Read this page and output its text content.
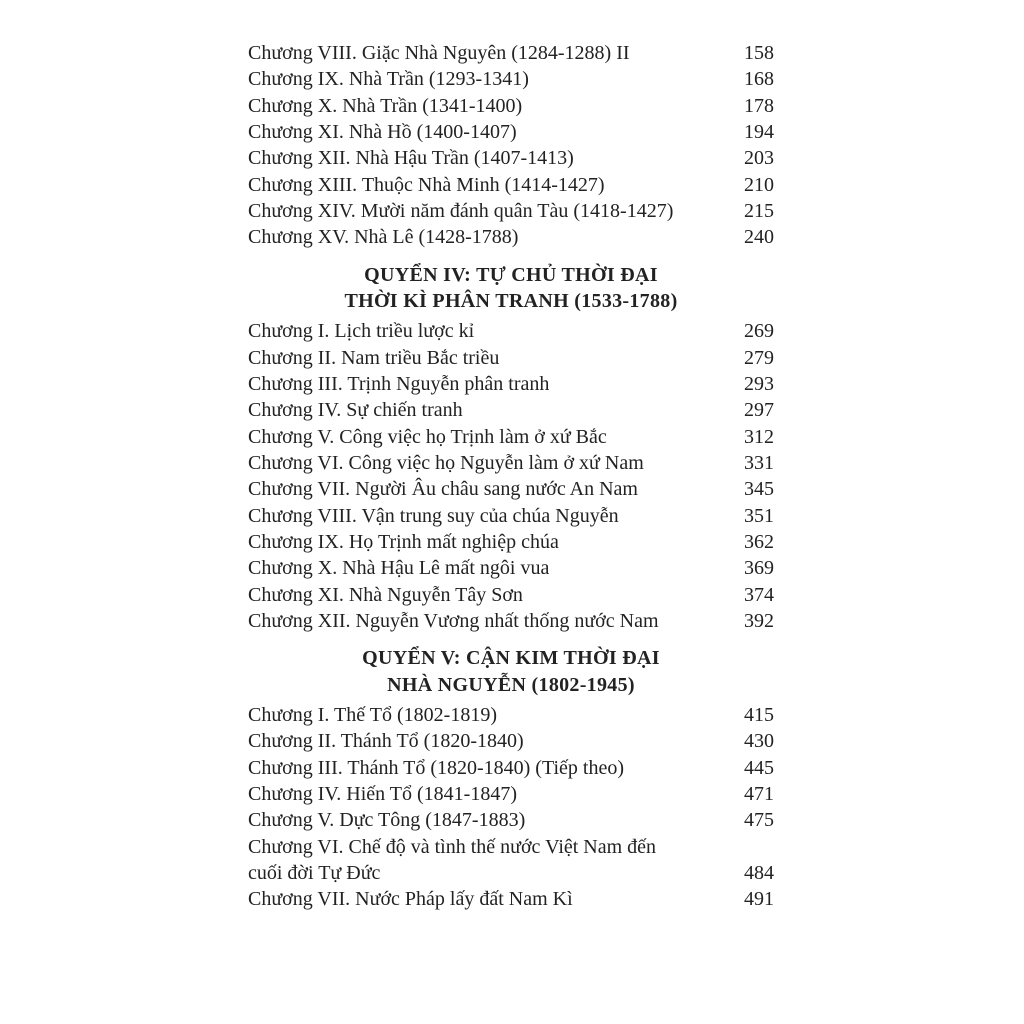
Chương VIII. Giặc Nhà Nguyên (1284-1288) II	158
Chương IX. Nhà Trần (1293-1341)	168
Chương X. Nhà Trần (1341-1400)	178
Chương XI. Nhà Hồ (1400-1407)	194
Chương XII. Nhà Hậu Trần (1407-1413)	203
Chương XIII. Thuộc Nhà Minh (1414-1427)	210
Chương XIV. Mười năm đánh quân Tàu (1418-1427)	215
Chương XV. Nhà Lê (1428-1788)	240
QUYỂN IV: TỰ CHỦ THỜI ĐẠI
THỜI KÌ PHÂN TRANH (1533-1788)
Chương I. Lịch triều lược kỉ	269
Chương II. Nam triều Bắc triều	279
Chương III. Trịnh Nguyễn phân tranh	293
Chương IV. Sự chiến tranh	297
Chương V. Công việc họ Trịnh làm ở xứ Bắc	312
Chương VI. Công việc họ Nguyễn làm ở xứ Nam	331
Chương VII. Người Âu châu sang nước An Nam	345
Chương VIII. Vận trung suy của chúa Nguyễn	351
Chương IX. Họ Trịnh mất nghiệp chúa	362
Chương X. Nhà Hậu Lê mất ngôi vua	369
Chương XI. Nhà Nguyễn Tây Sơn	374
Chương XII. Nguyễn Vương nhất thống nước Nam	392
QUYỂN V: CẬN KIM THỜI ĐẠI
NHÀ NGUYỄN (1802-1945)
Chương I. Thế Tổ (1802-1819)	415
Chương II. Thánh Tổ (1820-1840)	430
Chương III. Thánh Tổ (1820-1840) (Tiếp theo)	445
Chương IV. Hiến Tổ (1841-1847)	471
Chương V. Dực Tông (1847-1883)	475
Chương VI. Chế độ và tình thế nước Việt Nam đến
cuối đời Tự Đức	484
Chương VII. Nước Pháp lấy đất Nam Kì	491
